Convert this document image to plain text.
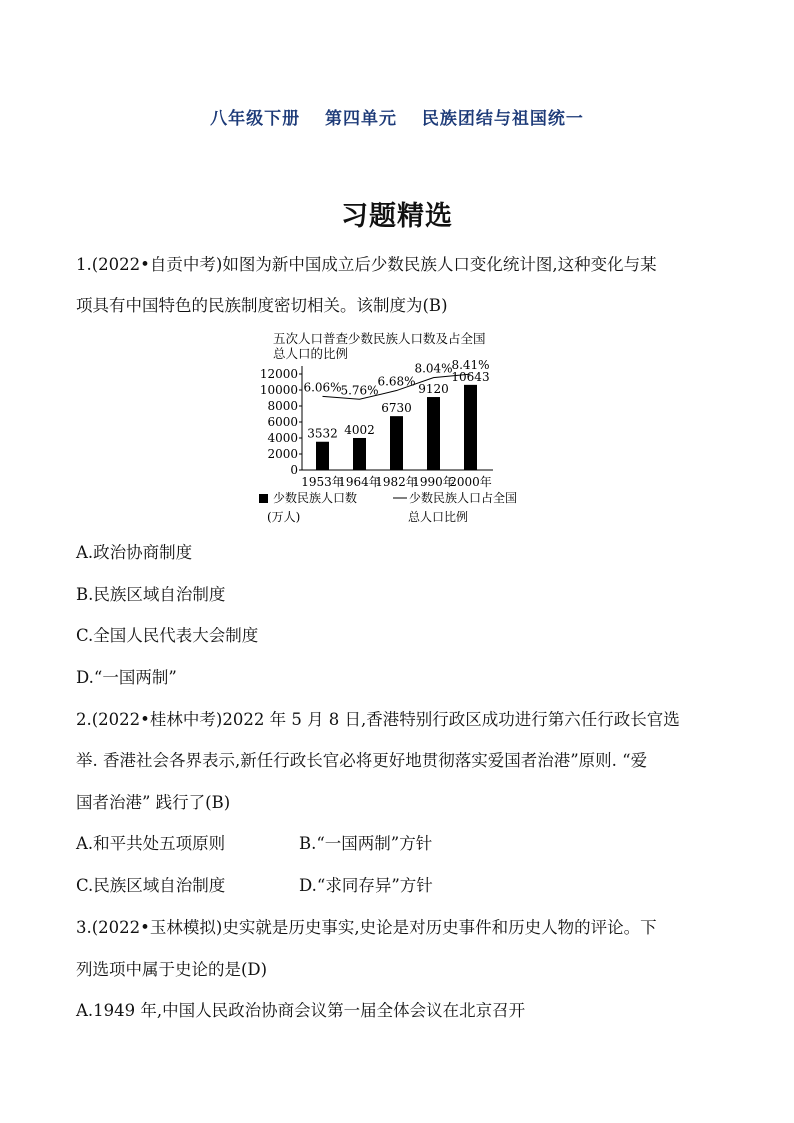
八年级下册 第四单元 民族团结与祖国统一
习题精选
1.(2022•自贡中考)如图为新中国成立后少数民族人口变化统计图,这种变化与某
项具有中国特色的民族制度密切相关。该制度为(B)
五次人口普查少数民族人口数及占全国
总人口的比例
0
2000
4000
6000
8000
10000
12000
1953年
1964年
1982年
1990年
2000年
3532 4002
6730
9120
10643
6.06%
5.76%
6.68%
8.04%
8.41%
少数民族人口数
(万人)
少数民族人口占全国
总人口比例
A.政治协商制度
B.民族区域自治制度
C.全国人民代表大会制度
D.“一国两制”
2.(2022•桂林中考)2022 年 5 月 8 日,香港特别行政区成功进行第六任行政长官选
举. 香港社会各界表示,新任行政长官必将更好地贯彻落实爱国者治港”原则. “爱
国者治港” 践行了(B)
A.和平共处五项原则	B.“一国两制”方针
C.民族区域自治制度	D.“求同存异”方针
3.(2022•玉林模拟)史实就是历史事实,史论是对历史事件和历史人物的评论。下
列选项中属于史论的是(D)
A.1949 年,中国人民政治协商会议第一届全体会议在北京召开
